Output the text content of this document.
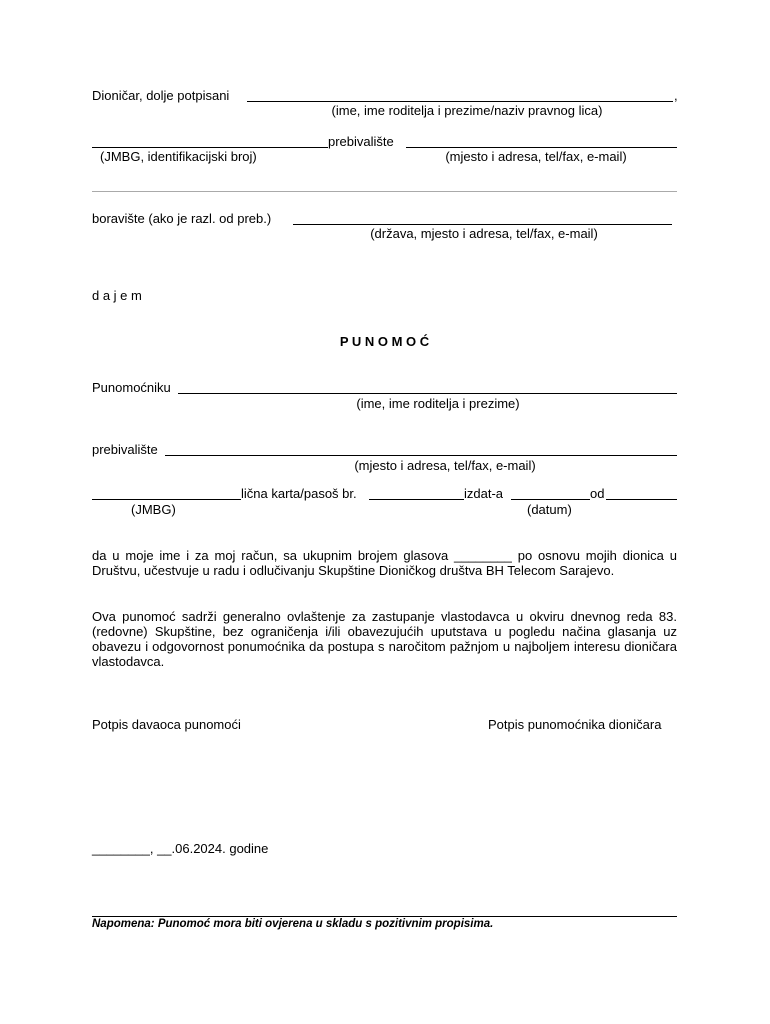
Dioničar, dolje potpisani	,
(ime, ime roditelja i prezime/naziv pravnog lica)
prebivalište
(JMBG, identifikacijski broj)	(mjesto i adresa, tel/fax, e-mail)
boravište (ako je razl. od preb.)
(država, mjesto i adresa, tel/fax, e-mail)
d a j e m
P U N O M O Ć
Punomoćniku
(ime, ime roditelja i prezime)
prebivalište
(mjesto i adresa, tel/fax, e-mail)
lična karta/pasoš br.	izdat-a	od
(JMBG)	(datum)
da u moje ime i za moj račun, sa ukupnim brojem glasova ________ po osnovu mojih dionica u Društvu, učestvuje u radu i odlučivanju Skupštine Dioničkog društva BH Telecom Sarajevo.
Ova punomoć sadrži generalno ovlaštenje za zastupanje vlastodavca u okviru dnevnog reda 83. (redovne) Skupštine, bez ograničenja i/ili obavezujućih uputstava u pogledu načina glasanja uz obavezu i odgovornost ponumoćnika da postupa s naročitom pažnjom u najboljem interesu dioničara vlastodavca.
Potpis davaoca punomoći	Potpis punomoćnika dioničara
________, __.06.2024. godine
Napomena: Punomoć mora biti ovjerena u skladu s pozitivnim propisima.
